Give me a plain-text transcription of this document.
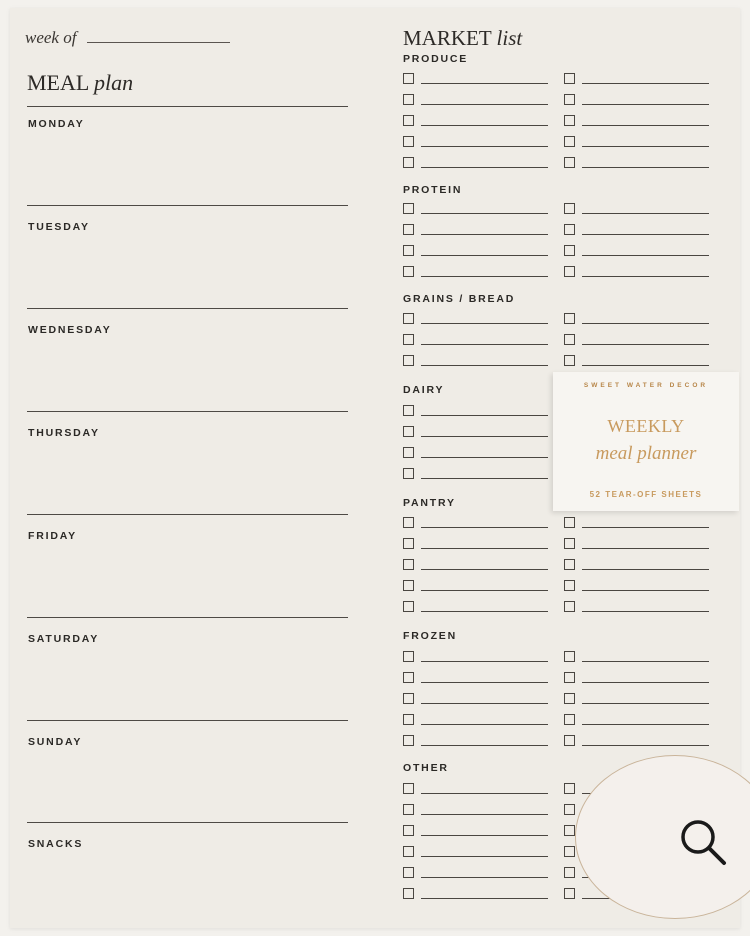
week of
MEAL plan
MONDAY
TUESDAY
WEDNESDAY
THURSDAY
FRIDAY
SATURDAY
SUNDAY
SNACKS
MARKET list
PRODUCE
PROTEIN
GRAINS / BREAD
DAIRY
PANTRY
FROZEN
OTHER
SWEET WATER DECOR
WEEKLY
meal planner
52 TEAR-OFF SHEETS
